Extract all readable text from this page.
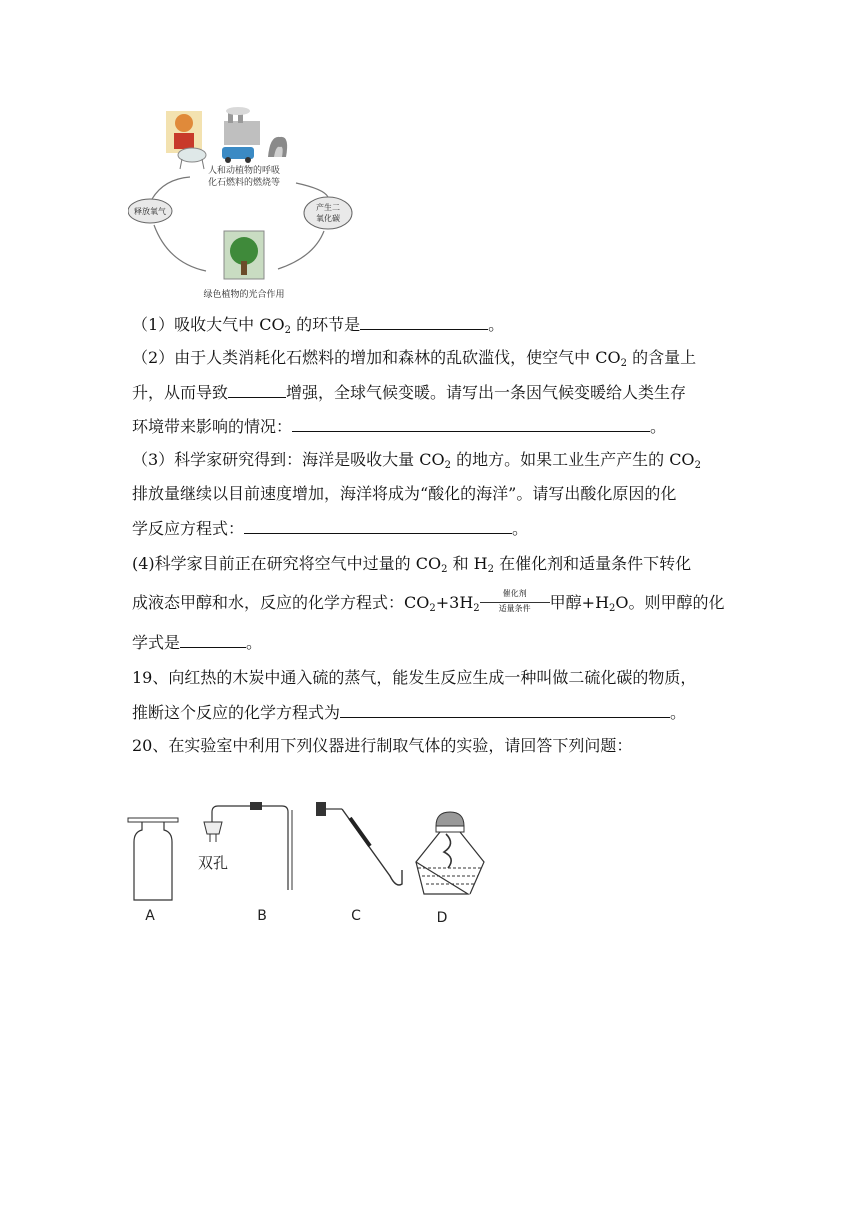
人和动植物的呼吸
化石燃料的燃烧等
释放氧气	产生二
氧化碳
绿色植物的光合作用
（1）吸收大气中 $CO_2$ 的环节是	。
（2）由于人类消耗化石燃料的增加和森林的乱砍滥伐，使空气中 $CO_2$ 的含量上
升，从而导致	增强，全球气候变暖。请写出一条因气候变暖给人类生存
环境带来影响的情况：	。
（3）科学家研究得到：海洋是吸收大量 $CO_2$ 的地方。如果工业生产产生的 $CO_2$
排放量继续以目前速度增加，海洋将成为“酸化的海洋”。请写出酸化原因的化
学反应方程式：	。
(4)科学家目前正在研究将空气中过量的 $CO_2$ 和 $H_2$ 在催化剂和适量条件下转化
成液态甲醇和水，反应的化学方程式：$CO_2+3H_2$
催化剂
适量条件	甲醇$+H_2O$。则甲醇的化
学式是	。
19、向红热的木炭中通入硫的蒸气，能发生反应生成一种叫做二硫化碳的物质，
推断这个反应的化学方程式为	。
20、在实验室中利用下列仪器进行制取气体的实验，请回答下列问题：
双孔
A	B	C	D
